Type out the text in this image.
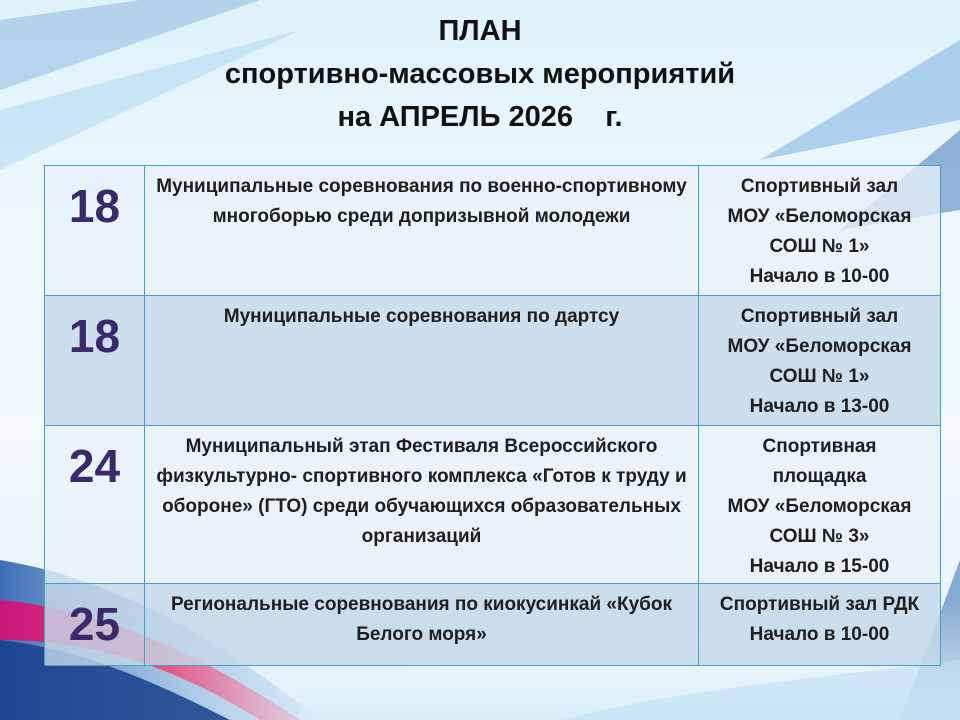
ПЛАН
спортивно-массовых мероприятий
на АПРЕЛЬ 2026    г.
18	Муниципальные соревнования по военно-спортивному многоборью среди допризывной молодежи	Спортивный зал
МОУ «Беломорская
СОШ № 1»
Начало в 10-00

18	Муниципальные соревнования по дартсу	Спортивный зал
МОУ «Беломорская
СОШ № 1»
Начало в 13-00

24	Муниципальный этап Фестиваля Всероссийского физкультурно- спортивного комплекса «Готов к труду и обороне» (ГТО) среди обучающихся образовательных организаций	Спортивная
площадка
МОУ «Беломорская
СОШ № 3»
Начало в 15-00

25	Региональные соревнования по киокусинкай «Кубок Белого моря»	Спортивный зал РДК
Начало в 10-00
